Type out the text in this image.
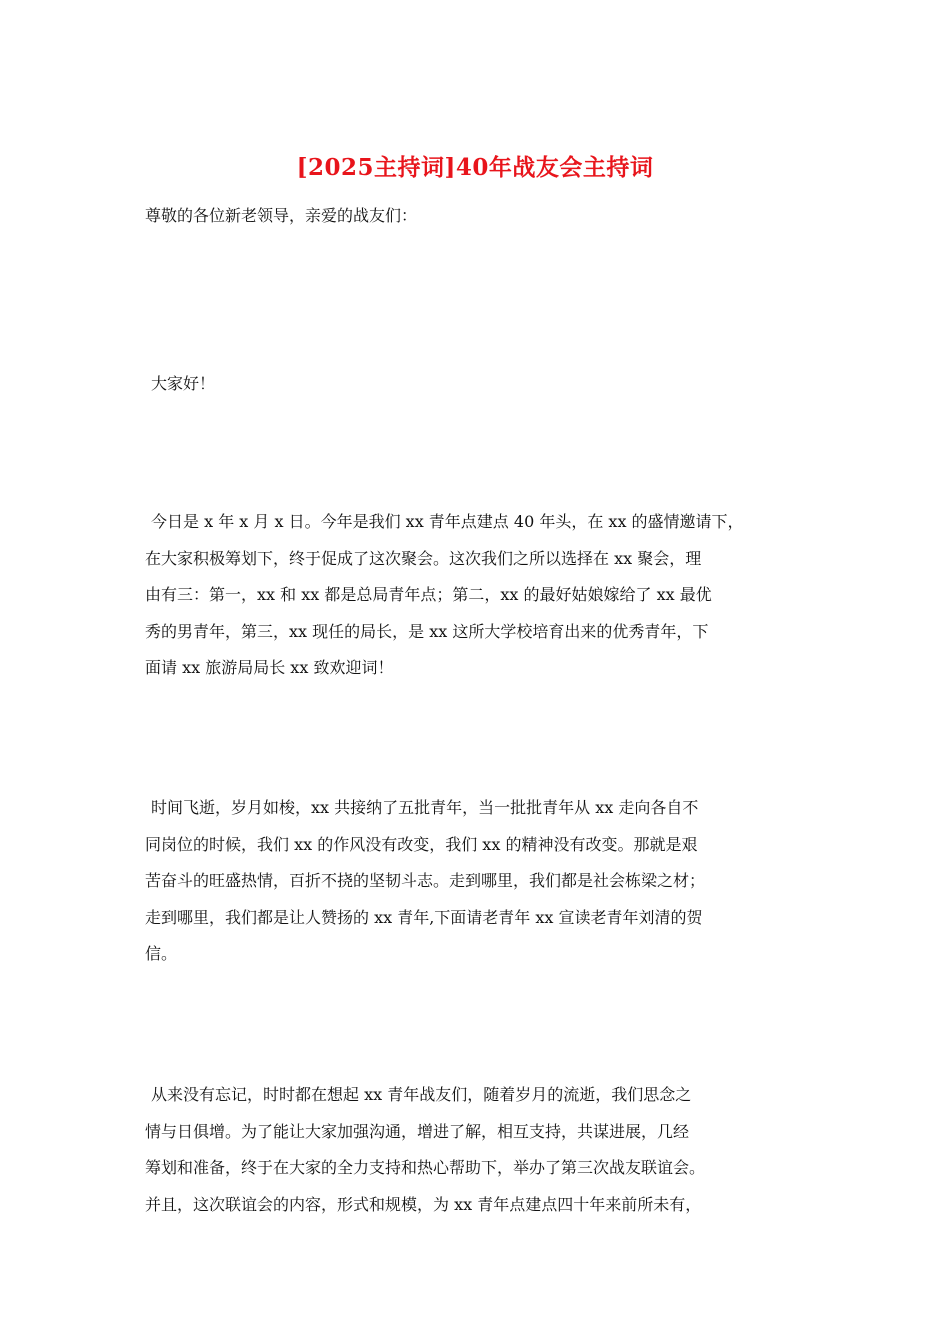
[2025主持词]40年战友会主持词

尊敬的各位新老领导，亲爱的战友们：

大家好！

今日是 x 年 x 月 x 日。今年是我们 xx 青年点建点 40 年头，在 xx 的盛情邀请下，
在大家积极筹划下，终于促成了这次聚会。这次我们之所以选择在 xx 聚会，理
由有三：第一，xx 和 xx 都是总局青年点；第二，xx 的最好姑娘嫁给了 xx 最优
秀的男青年，第三，xx 现任的局长，是 xx 这所大学校培育出来的优秀青年，下
面请 xx 旅游局局长 xx 致欢迎词！

时间飞逝，岁月如梭，xx 共接纳了五批青年，当一批批青年从 xx 走向各自不
同岗位的时候，我们 xx 的作风没有改变，我们 xx 的精神没有改变。那就是艰
苦奋斗的旺盛热情，百折不挠的坚韧斗志。走到哪里，我们都是社会栋梁之材；
走到哪里，我们都是让人赞扬的 xx 青年,下面请老青年 xx 宣读老青年刘清的贺
信。

从来没有忘记，时时都在想起 xx 青年战友们，随着岁月的流逝，我们思念之
情与日俱增。为了能让大家加强沟通，增进了解，相互支持，共谋进展，几经
筹划和准备，终于在大家的全力支持和热心帮助下，举办了第三次战友联谊会。
并且，这次联谊会的内容，形式和规模，为 xx 青年点建点四十年来前所未有，
